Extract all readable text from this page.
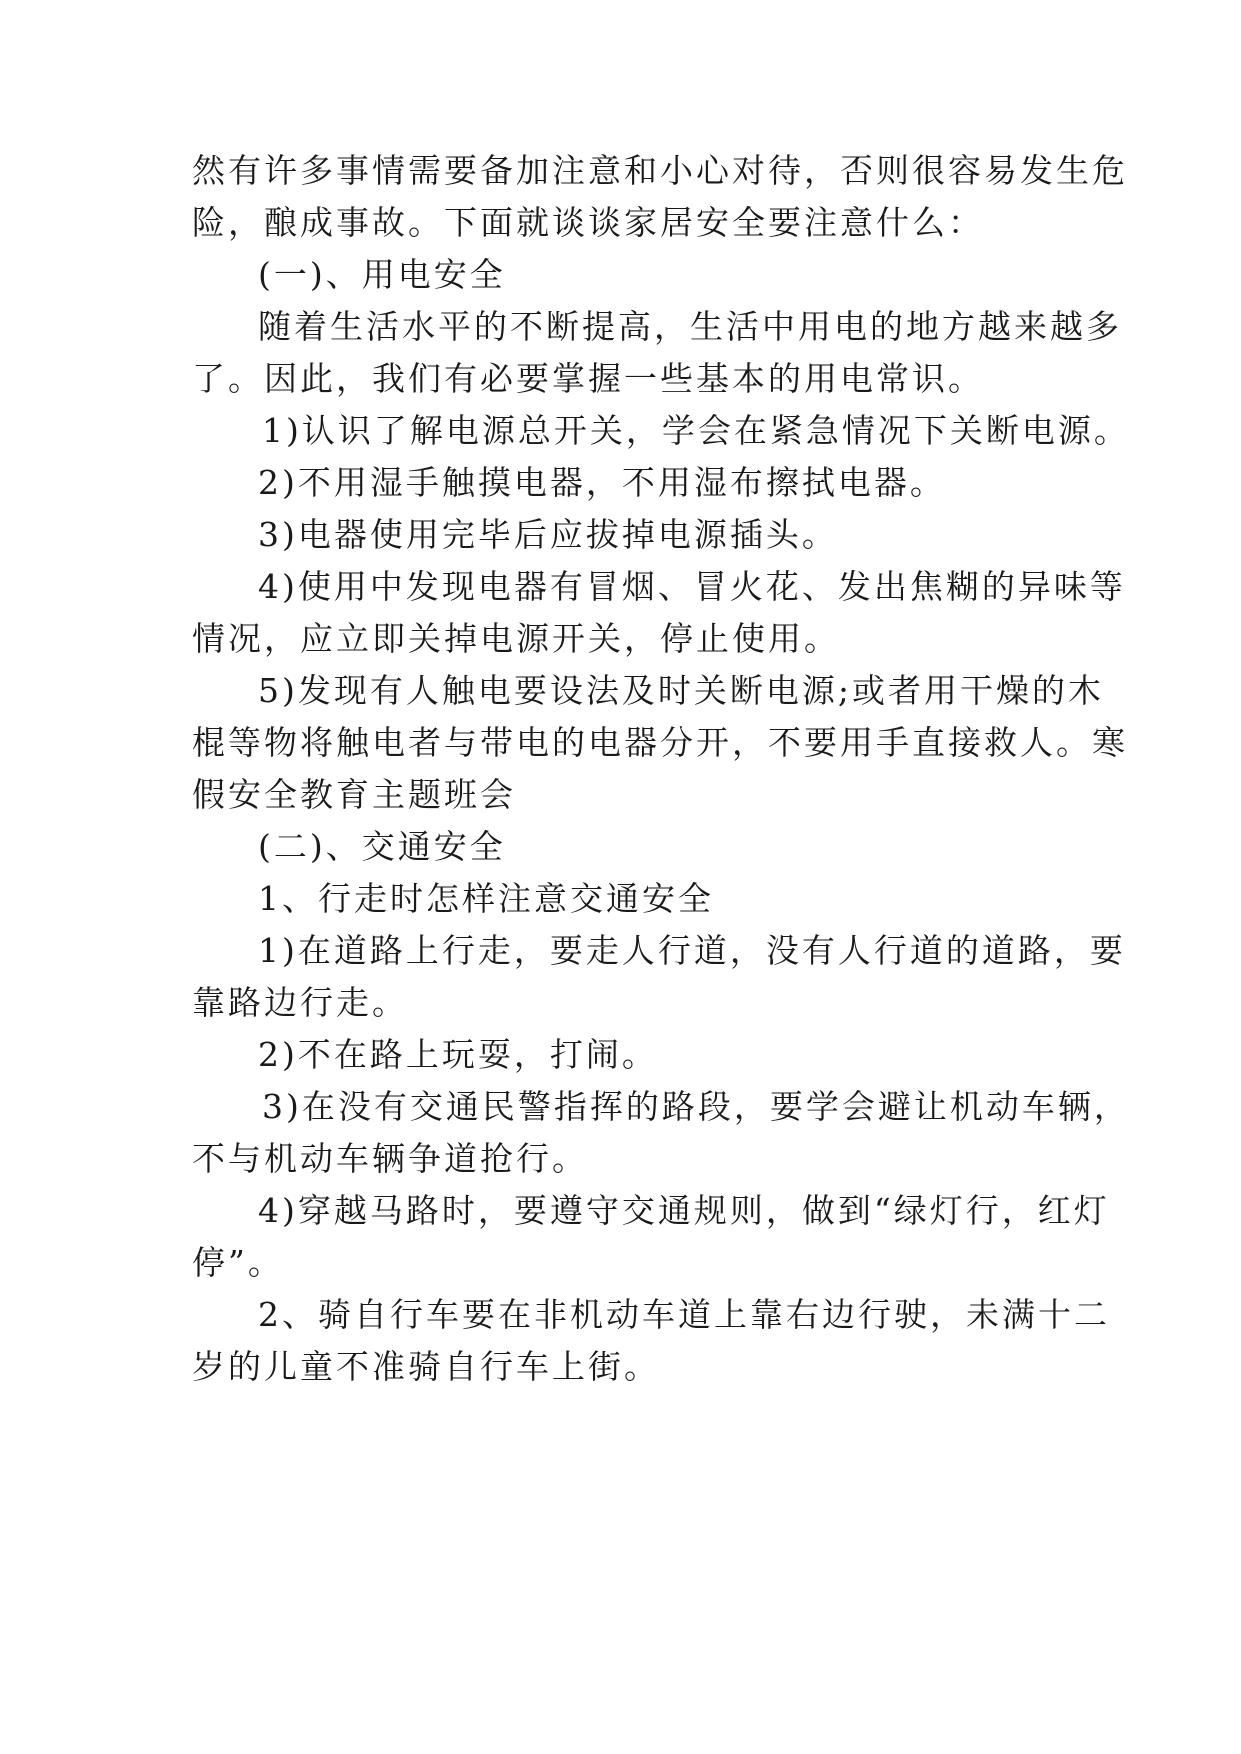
然有许多事情需要备加注意和小心对待，否则很容易发生危
险，酿成事故。下面就谈谈家居安全要注意什么：
(一)、用电安全
随着生活水平的不断提高，生活中用电的地方越来越多
了。因此，我们有必要掌握一些基本的用电常识。
1)认识了解电源总开关，学会在紧急情况下关断电源。
2)不用湿手触摸电器，不用湿布擦拭电器。
3)电器使用完毕后应拔掉电源插头。
4)使用中发现电器有冒烟、冒火花、发出焦糊的异味等
情况，应立即关掉电源开关，停止使用。
5)发现有人触电要设法及时关断电源;或者用干燥的木
棍等物将触电者与带电的电器分开，不要用手直接救人。寒
假安全教育主题班会
(二)、交通安全
1、行走时怎样注意交通安全
1)在道路上行走，要走人行道，没有人行道的道路，要
靠路边行走。
2)不在路上玩耍，打闹。
3)在没有交通民警指挥的路段，要学会避让机动车辆，
不与机动车辆争道抢行。
4)穿越马路时，要遵守交通规则，做到“绿灯行，红灯
停”。
2、骑自行车要在非机动车道上靠右边行驶，未满十二
岁的儿童不准骑自行车上街。
